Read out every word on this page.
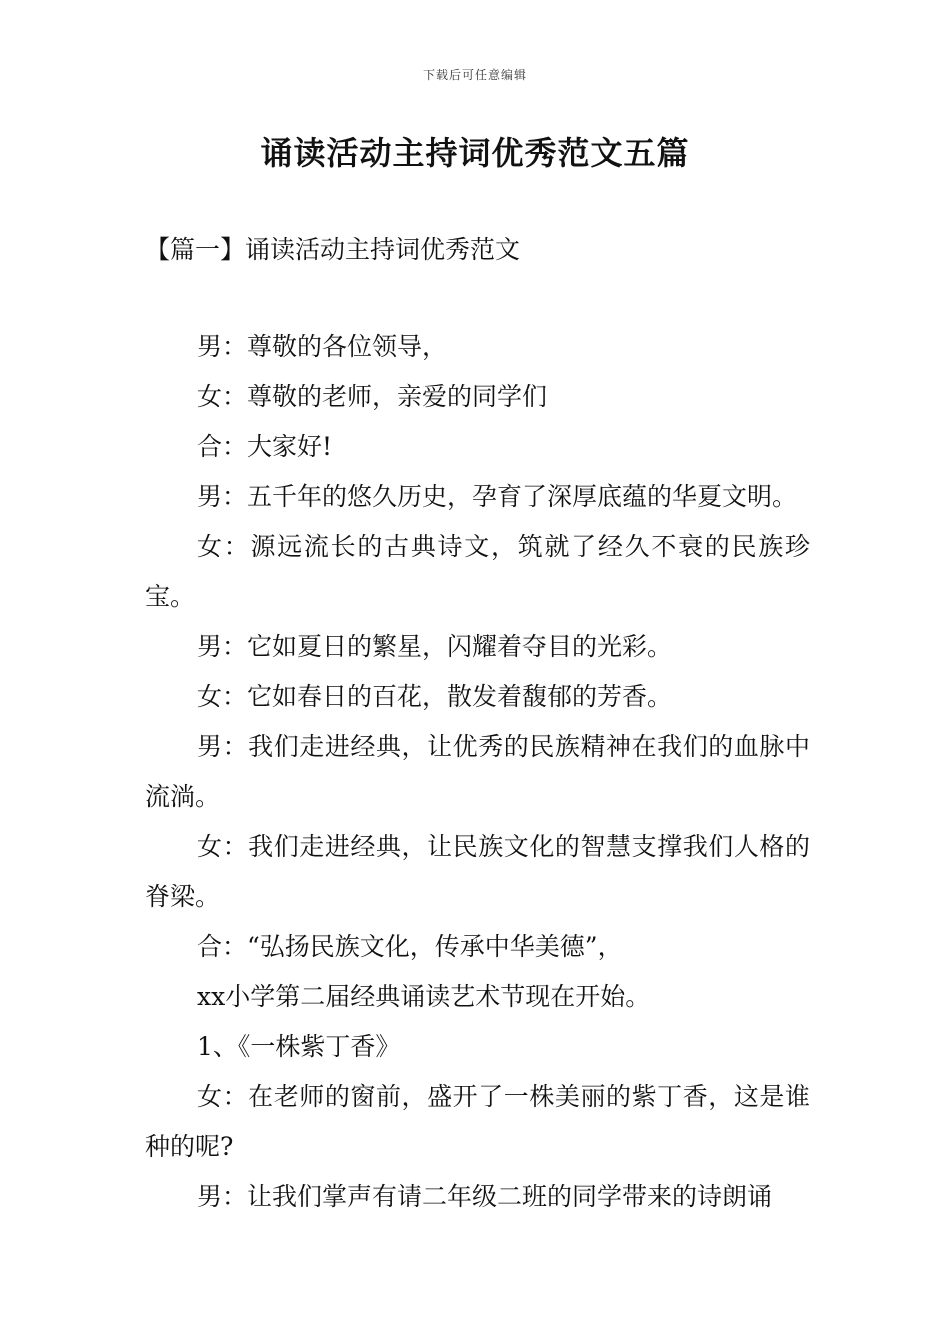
下载后可任意编辑
诵读活动主持词优秀范文五篇
【篇一】诵读活动主持词优秀范文

男：尊敬的各位领导，

女：尊敬的老师，亲爱的同学们

合：大家好!

男：五千年的悠久历史，孕育了深厚底蕴的华夏文明。

女：源远流长的古典诗文，筑就了经久不衰的民族珍宝。

男：它如夏日的繁星，闪耀着夺目的光彩。

女：它如春日的百花，散发着馥郁的芳香。

男：我们走进经典，让优秀的民族精神在我们的血脉中流淌。

女：我们走进经典，让民族文化的智慧支撑我们人格的脊梁。

合：“弘扬民族文化，传承中华美德”，

xx小学第二届经典诵读艺术节现在开始。

1、《一株紫丁香》

女：在老师的窗前，盛开了一株美丽的紫丁香，这是谁种的呢?

男：让我们掌声有请二年级二班的同学带来的诗朗诵
